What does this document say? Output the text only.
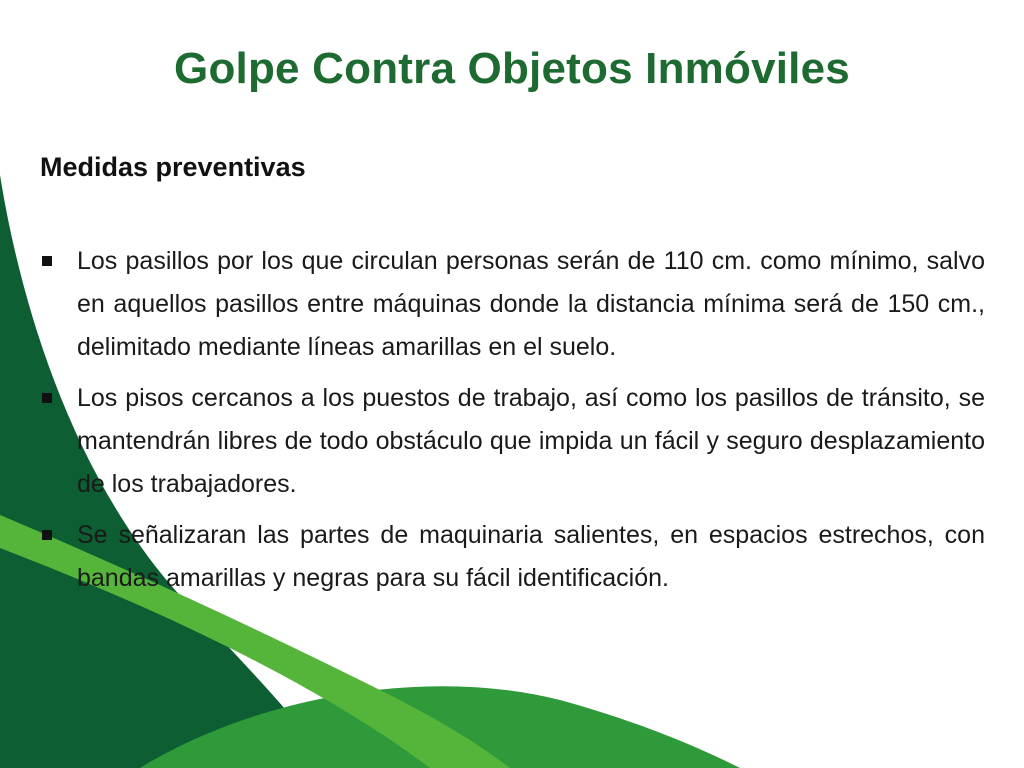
Golpe Contra Objetos Inmóviles
Medidas preventivas
Los pasillos por los que circulan personas serán de 110 cm. como mínimo, salvo en aquellos pasillos entre máquinas donde la distancia mínima será de 150 cm., delimitado mediante líneas amarillas en el suelo.
Los pisos cercanos a los puestos de trabajo, así como los pasillos de tránsito, se mantendrán libres de todo obstáculo que impida un fácil y seguro desplazamiento de los trabajadores.
Se señalizaran las partes de maquinaria salientes, en espacios estrechos, con bandas amarillas y negras para su fácil identificación.
